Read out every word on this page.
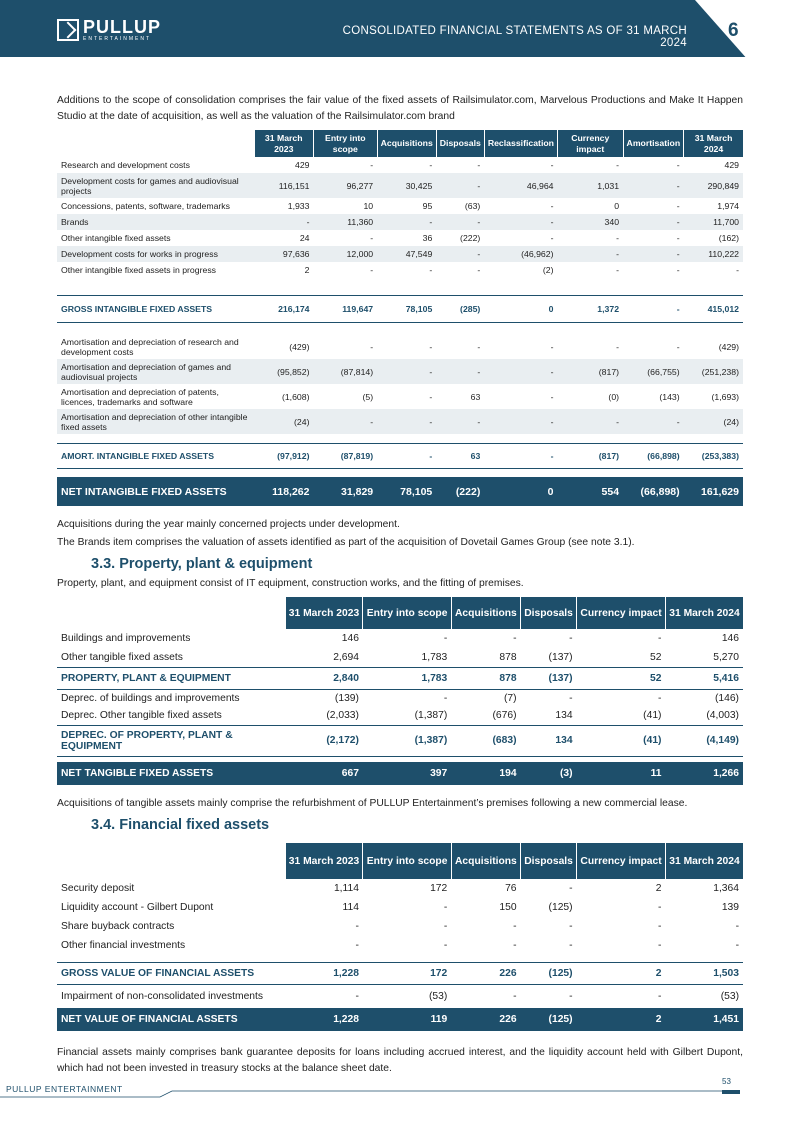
PULLUP
ENTERTAINMENT
CONSOLIDATED FINANCIAL STATEMENTS AS OF 31 MARCH 2024
6
Additions to the scope of consolidation comprises the fair value of the fixed assets of Railsimulator.com, Marvelous Productions and Make It Happen Studio at the date of acquisition, as well as the valuation of the Railsimulator.com brand
	31 March 2023	Entry into scope	Acquisitions	Disposals	Reclassification	Currency impact	Amortisation	31 March 2024
Research and development costs	429	-	-	-	-	-	-	429
Development costs for games and audiovisual projects	116,151	96,277	30,425	-	46,964	1,031	-	290,849
Concessions, patents, software, trademarks	1,933	10	95	(63)	-	0	-	1,974
Brands	-	11,360	-	-	-	340	-	11,700
Other intangible fixed assets	24	-	36	(222)	-	-	-	(162)
Development costs for works in progress	97,636	12,000	47,549	-	(46,962)	-	-	110,222
Other intangible fixed assets in progress	2	-	-	-	(2)	-	-	-

GROSS INTANGIBLE FIXED ASSETS	216,174	119,647	78,105	(285)	0	1,372	-	415,012

Amortisation and depreciation of research and development costs	(429)	-	-	-	-	-	-	(429)
Amortisation and depreciation of games and audiovisual projects	(95,852)	(87,814)	-	-	-	(817)	(66,755)	(251,238)
Amortisation and depreciation of patents, licences, trademarks and software	(1,608)	(5)	-	63	-	(0)	(143)	(1,693)
Amortisation and depreciation of other intangible fixed assets	(24)	-	-	-	-	-	-	(24)

AMORT. INTANGIBLE FIXED ASSETS	(97,912)	(87,819)	-	63	-	(817)	(66,898)	(253,383)

NET INTANGIBLE FIXED ASSETS	118,262	31,829	78,105	(222)	0	554	(66,898)	161,629
Acquisitions during the year mainly concerned projects under development.
The Brands item comprises the valuation of assets identified as part of the acquisition of Dovetail Games Group (see note 3.1).
3.3. Property, plant & equipment
Property, plant, and equipment consist of IT equipment, construction works, and the fitting of premises.
	31 March 2023	Entry into scope	Acquisitions	Disposals	Currency impact	31 March 2024
Buildings and improvements	146	-	-	-	-	146
Other tangible fixed assets	2,694	1,783	878	(137)	52	5,270
PROPERTY, PLANT & EQUIPMENT	2,840	1,783	878	(137)	52	5,416
Deprec. of buildings and improvements	(139)	-	(7)	-	-	(146)
Deprec. Other tangible fixed assets	(2,033)	(1,387)	(676)	134	(41)	(4,003)
DEPREC. OF PROPERTY, PLANT & EQUIPMENT	(2,172)	(1,387)	(683)	134	(41)	(4,149)

NET TANGIBLE FIXED ASSETS	667	397	194	(3)	11	1,266
Acquisitions of tangible assets mainly comprise the refurbishment of PULLUP Entertainment’s premises following a new commercial lease.
3.4. Financial fixed assets
	31 March 2023	Entry into scope	Acquisitions	Disposals	Currency impact	31 March 2024
Security deposit	1,114	172	76	-	2	1,364
Liquidity account - Gilbert Dupont	114	-	150	(125)	-	139
Share buyback contracts	-	-	-	-	-	-
Other financial investments	-	-	-	-	-	-

GROSS VALUE OF FINANCIAL ASSETS	1,228	172	226	(125)	2	1,503
Impairment of non-consolidated investments	-	(53)	-	-	-	(53)
NET VALUE OF FINANCIAL ASSETS	1,228	119	226	(125)	2	1,451
Financial assets mainly comprises bank guarantee deposits for loans including accrued interest, and the liquidity account held with Gilbert Dupont, which had not been invested in treasury stocks at the balance sheet date.
PULLUP ENTERTAINMENT
53
